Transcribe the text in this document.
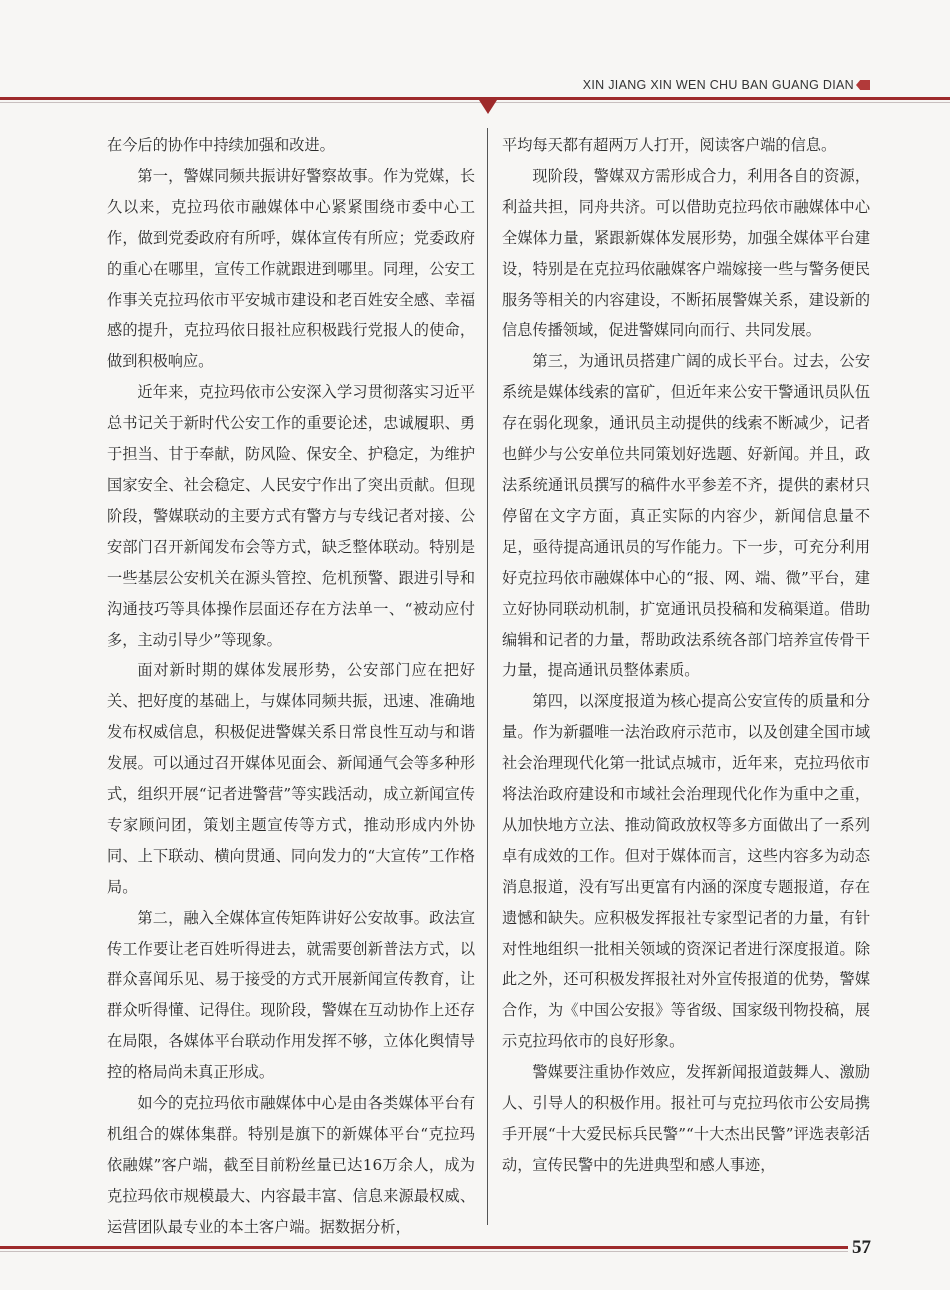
XIN JIANG XIN WEN CHU BAN GUANG DIAN

在今后的协作中持续加强和改进。

第一，警媒同频共振讲好警察故事。作为党媒，长久以来，克拉玛依市融媒体中心紧紧围绕市委中心工作，做到党委政府有所呼，媒体宣传有所应；党委政府的重心在哪里，宣传工作就跟进到哪里。同理，公安工作事关克拉玛依市平安城市建设和老百姓安全感、幸福感的提升，克拉玛依日报社应积极践行党报人的使命，做到积极响应。

近年来，克拉玛依市公安深入学习贯彻落实习近平总书记关于新时代公安工作的重要论述，忠诚履职、勇于担当、甘于奉献，防风险、保安全、护稳定，为维护国家安全、社会稳定、人民安宁作出了突出贡献。但现阶段，警媒联动的主要方式有警方与专线记者对接、公安部门召开新闻发布会等方式，缺乏整体联动。特别是一些基层公安机关在源头管控、危机预警、跟进引导和沟通技巧等具体操作层面还存在方法单一、“被动应付多，主动引导少”等现象。

面对新时期的媒体发展形势，公安部门应在把好关、把好度的基础上，与媒体同频共振，迅速、准确地发布权威信息，积极促进警媒关系日常良性互动与和谐发展。可以通过召开媒体见面会、新闻通气会等多种形式，组织开展“记者进警营”等实践活动，成立新闻宣传专家顾问团，策划主题宣传等方式，推动形成内外协同、上下联动、横向贯通、同向发力的“大宣传”工作格局。

第二，融入全媒体宣传矩阵讲好公安故事。政法宣传工作要让老百姓听得进去，就需要创新普法方式，以群众喜闻乐见、易于接受的方式开展新闻宣传教育，让群众听得懂、记得住。现阶段，警媒在互动协作上还存在局限，各媒体平台联动作用发挥不够，立体化舆情导控的格局尚未真正形成。

如今的克拉玛依市融媒体中心是由各类媒体平台有机组合的媒体集群。特别是旗下的新媒体平台“克拉玛依融媒”客户端，截至目前粉丝量已达16万余人，成为克拉玛依市规模最大、内容最丰富、信息来源最权威、运营团队最专业的本土客户端。据数据分析，

平均每天都有超两万人打开，阅读客户端的信息。

现阶段，警媒双方需形成合力，利用各自的资源，利益共担，同舟共济。可以借助克拉玛依市融媒体中心全媒体力量，紧跟新媒体发展形势，加强全媒体平台建设，特别是在克拉玛依融媒客户端嫁接一些与警务便民服务等相关的内容建设，不断拓展警媒关系，建设新的信息传播领域，促进警媒同向而行、共同发展。

第三，为通讯员搭建广阔的成长平台。过去，公安系统是媒体线索的富矿，但近年来公安干警通讯员队伍存在弱化现象，通讯员主动提供的线索不断减少，记者也鲜少与公安单位共同策划好选题、好新闻。并且，政法系统通讯员撰写的稿件水平参差不齐，提供的素材只停留在文字方面，真正实际的内容少，新闻信息量不足，亟待提高通讯员的写作能力。下一步，可充分利用好克拉玛依市融媒体中心的“报、网、端、微”平台，建立好协同联动机制，扩宽通讯员投稿和发稿渠道。借助编辑和记者的力量，帮助政法系统各部门培养宣传骨干力量，提高通讯员整体素质。

第四，以深度报道为核心提高公安宣传的质量和分量。作为新疆唯一法治政府示范市，以及创建全国市域社会治理现代化第一批试点城市，近年来，克拉玛依市将法治政府建设和市域社会治理现代化作为重中之重，从加快地方立法、推动简政放权等多方面做出了一系列卓有成效的工作。但对于媒体而言，这些内容多为动态消息报道，没有写出更富有内涵的深度专题报道，存在遗憾和缺失。应积极发挥报社专家型记者的力量，有针对性地组织一批相关领域的资深记者进行深度报道。除此之外，还可积极发挥报社对外宣传报道的优势，警媒合作，为《中国公安报》等省级、国家级刊物投稿，展示克拉玛依市的良好形象。

警媒要注重协作效应，发挥新闻报道鼓舞人、激励人、引导人的积极作用。报社可与克拉玛依市公安局携手开展“十大爱民标兵民警”“十大杰出民警”评选表彰活动，宣传民警中的先进典型和感人事迹，

57
